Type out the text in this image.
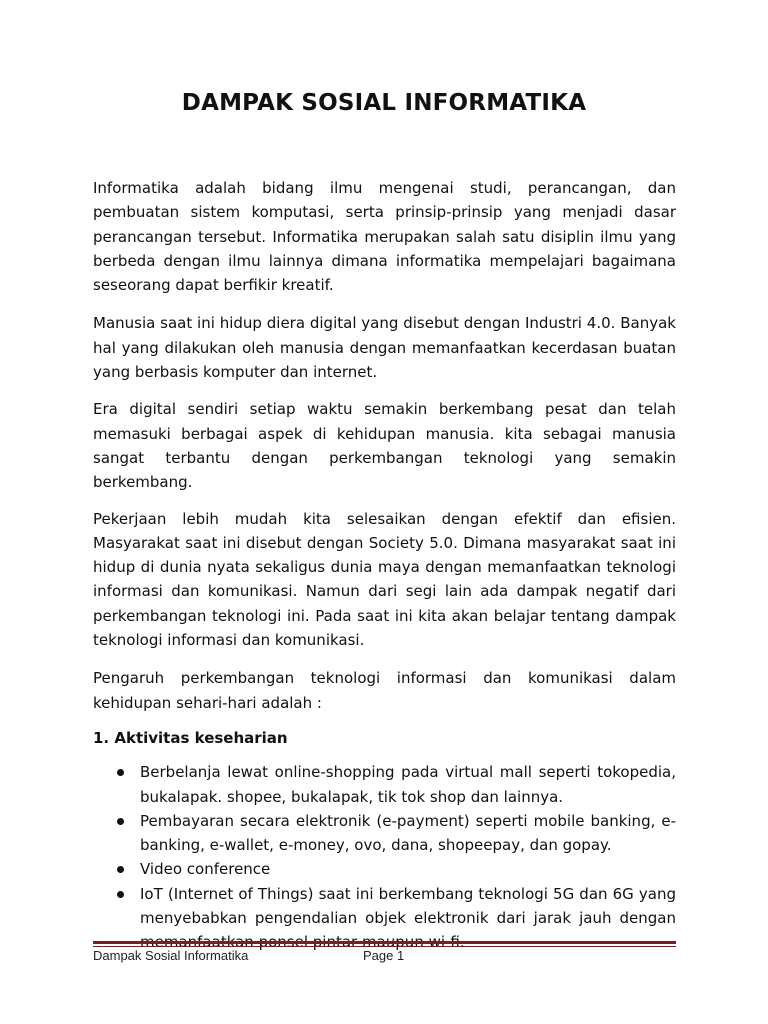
DAMPAK SOSIAL INFORMATIKA

Informatika adalah bidang ilmu mengenai studi, perancangan, dan pembuatan sistem komputasi, serta prinsip-prinsip yang menjadi dasar perancangan tersebut. Informatika merupakan salah satu disiplin ilmu yang berbeda dengan ilmu lainnya dimana informatika mempelajari bagaimana seseorang dapat berfikir kreatif.

Manusia saat ini hidup diera digital yang disebut dengan Industri 4.0. Banyak hal yang dilakukan oleh manusia dengan memanfaatkan kecerdasan buatan yang berbasis komputer dan internet.

Era digital sendiri setiap waktu semakin berkembang pesat dan telah memasuki berbagai aspek di kehidupan manusia. kita sebagai manusia sangat terbantu dengan perkembangan teknologi yang semakin berkembang.

Pekerjaan lebih mudah kita selesaikan dengan efektif dan efisien. Masyarakat saat ini disebut dengan Society 5.0. Dimana masyarakat saat ini hidup di dunia nyata sekaligus dunia maya dengan memanfaatkan teknologi informasi dan komunikasi. Namun dari segi lain ada dampak negatif dari perkembangan teknologi ini. Pada saat ini kita akan belajar tentang dampak teknologi informasi dan komunikasi.

Pengaruh perkembangan teknologi informasi dan komunikasi dalam kehidupan sehari-hari adalah :

1. Aktivitas keseharian
Berbelanja lewat online-shopping pada virtual mall seperti tokopedia, bukalapak. shopee, bukalapak, tik tok shop dan lainnya.
Pembayaran secara elektronik (e-payment) seperti mobile banking, e-banking, e-wallet, e-money, ovo, dana, shopeepay, dan gopay.
Video conference
IoT (Internet of Things) saat ini berkembang teknologi 5G dan 6G yang menyebabkan pengendalian objek elektronik dari jarak jauh dengan
Dampak Sosial Informatika	Page 1
